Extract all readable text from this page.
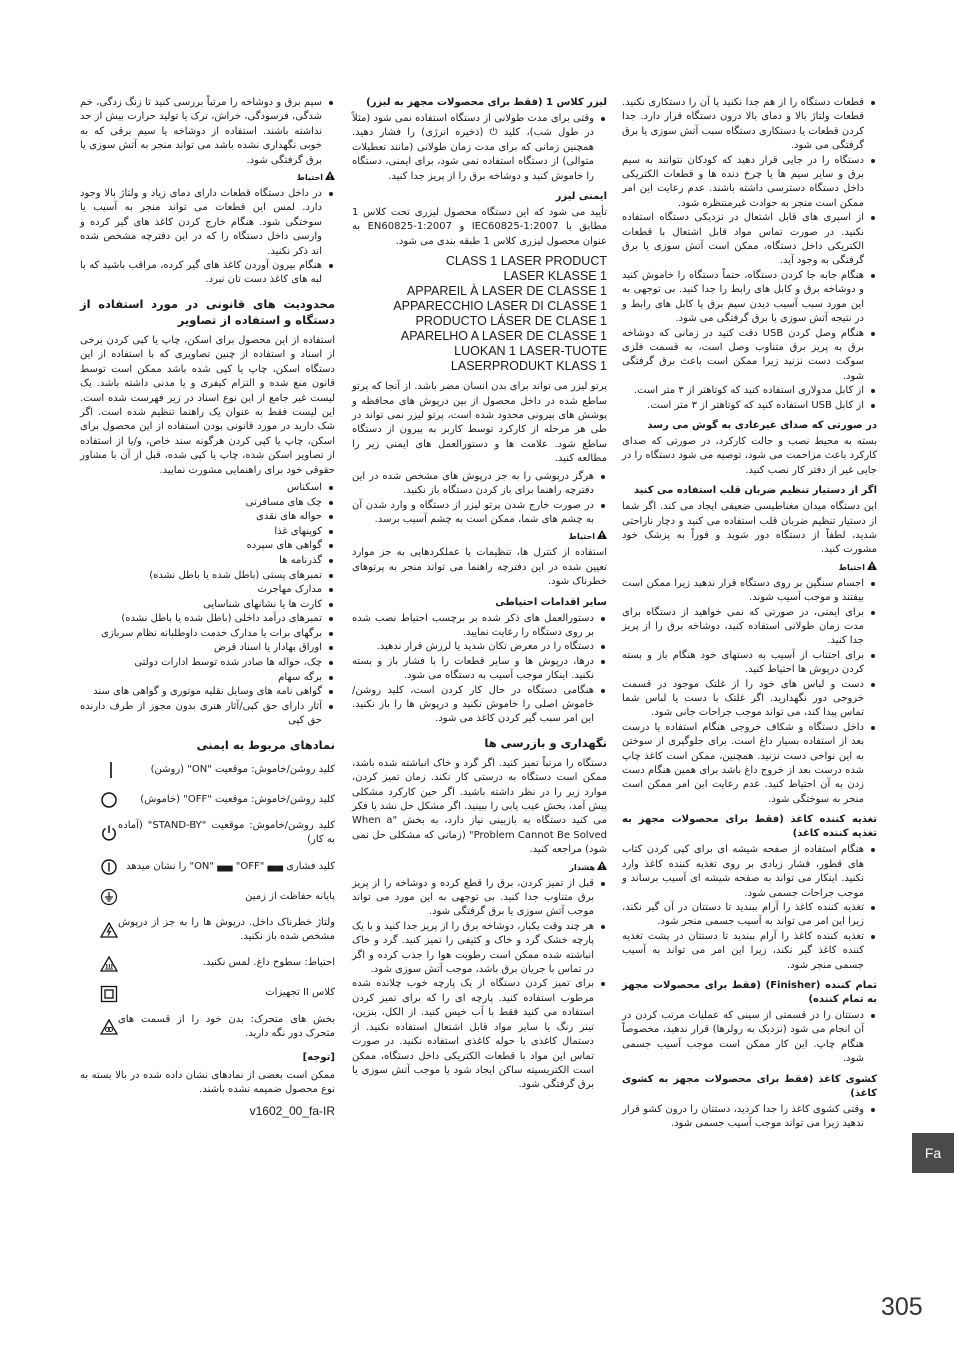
قطعات دستگاه را از هم جدا نکنید یا آن را دستکاری نکنید. قطعات ولتاژ بالا و دمای بالا درون دستگاه قرار دارد. جدا کردن قطعات یا دستکاری دستگاه سبب آتش سوزی یا برق گرفتگی می شود.
دستگاه را در جایی قرار دهید که کودکان نتوانند به سیم برق و سایر سیم ها یا چرخ دنده ها و قطعات الکتریکی داخل دستگاه دسترسی داشته باشند. عدم رعایت این امر ممکن است منجر به حوادث غیرمنتظره شود.
از اسپری های قابل اشتعال در نزدیکی دستگاه استفاده نکنید. در صورت تماس مواد قابل اشتعال با قطعات الکتریکی داخل دستگاه، ممکن است آتش سوزی یا برق گرفتگی به وجود آید.
هنگام جابه جا کردن دستگاه، حتماً دستگاه را خاموش کنید و دوشاخه برق و کابل های رابط را جدا کنید. بی توجهی به این مورد سبب آسیب دیدن سیم برق یا کابل های رابط و در نتیجه آتش سوزی یا برق گرفتگی می شود.
هنگام وصل کردن USB دقت کنید در زمانی که دوشاخه برق به پریز برق متناوب وصل است، به قسمت فلزی سوکت دست نزنید زیرا ممکن است باعث برق گرفتگی شود.
از کابل مدولاری استفاده کنید که کوتاهتر از ۳ متر است.
از کابل USB استفاده کنید که کوتاهتر از ۳ متر است.
در صورتی که صدای غیرعادی به گوش می رسد

بسته به محیط نصب و حالت کارکرد، در صورتی که صدای کارکرد باعث مزاحمت می شود، توصیه می شود دستگاه را در جایی غیر از دفتر کار نصب کنید.

اگر از دستیار تنظیم ضربان قلب استفاده می کنید

این دستگاه میدان مغناطیسی ضعیفی ایجاد می کند. اگر شما از دستیار تنظیم ضربان قلب استفاده می کنید و دچار ناراحتی شدید، لطفاً از دستگاه دور شوید و فوراً به پزشک خود مشورت کنید.

احتیاط
اجسام سنگین بر روی دستگاه قرار ندهید زیرا ممکن است بیفتند و موجب آسیب شوند.
برای ایمنی، در صورتی که نمی خواهید از دستگاه برای مدت زمان طولانی استفاده کنید، دوشاخه برق را از پریز جدا کنید.
برای اجتناب از آسیب به دستهای خود هنگام باز و بسته کردن درپوش ها احتیاط کنید.
دست و لباس های خود را از غلتک موجود در قسمت خروجی دور نگهدارید. اگر غلتک با دست یا لباس شما تماس پیدا کند، می تواند موجب جراحات جانی شود.
داخل دستگاه و شکاف خروجی هنگام استفاده یا درست بعد از استفاده بسیار داغ است. برای جلوگیری از سوختن به این نواحی دست نزنید. همچنین، ممکن است کاغذ چاپ شده درست بعد از خروج داغ باشد برای همین هنگام دست زدن به آن احتیاط کنید. عدم رعایت این امر ممکن است منجر به سوختگی شود.
تغذیه کننده کاغذ (فقط برای محصولات مجهز به تغذیه کننده کاغذ)
هنگام استفاده از صفحه شیشه ای برای کپی کردن کتاب های قطور، فشار زیادی بر روی تغذیه کننده کاغذ وارد نکنید. اینکار می تواند به صفحه شیشه ای آسیب برساند و موجب جراحات جسمی شود.
تغذیه کننده کاغذ را آرام ببندید تا دستتان در آن گیر نکند، زیرا این امر می تواند به آسیب جسمی منجر شود.
تغذیه کننده کاغذ را آرام ببندید تا دستتان در پشت تغذیه کننده کاغذ گیر نکند، زیرا این امر می تواند به آسیب جسمی منجر شود.
تمام کننده (Finisher) (فقط برای محصولات مجهز به تمام کننده)
دستتان را در قسمتی از سینی که عملیات مرتب کردن در آن انجام می شود (نزدیک به رولرها) قرار ندهید، مخصوصاً هنگام چاپ. این کار ممکن است موجب آسیب جسمی شود.
کشوی کاغذ (فقط برای محصولات مجهز به کشوی کاغذ)
وقتی کشوی کاغذ را جدا کردید، دستتان را درون کشو قرار ندهید زیرا می تواند موجب آسیب جسمی شود.
لیزر کلاس 1 (فقط برای محصولات مجهز به لیزر)
وقتی برای مدت طولانی از دستگاه استفاده نمی شود (مثلاً در طول شب)، کلید ⏻ (ذخیره انرژی) را فشار دهید. همچنین زمانی که برای مدت زمان طولانی (مانند تعطیلات متوالی) از دستگاه استفاده نمی شود، برای ایمنی، دستگاه را خاموش کنید و دوشاخه برق را از پریز جدا کنید.
ایمنی لیزر

تأیید می شود که این دستگاه محصول لیزری تحت کلاس 1 مطابق با IEC60825-1:2007 و EN60825-1:2007 به عنوان محصول لیزری کلاس 1 طبقه بندی می شود.

CLASS 1 LASER PRODUCT
LASER KLASSE 1
APPAREIL À LASER DE CLASSE 1
APPARECCHIO LASER DI CLASSE 1
PRODUCTO LÁSER DE CLASE 1
APARELHO A LASER DE CLASSE 1
LUOKAN 1 LASER-TUOTE
LASERPRODUKT KLASS 1

پرتو لیزر می تواند برای بدن انسان مضر باشد. از آنجا که پرتو ساطع شده در داخل محصول از بین درپوش های محافظه و پوشش های بیرونی محدود شده است، پرتو لیزر نمی تواند در طی هر مرحله از کارکرد توسط کاربر به بیرون از دستگاه ساطع شود. علامت ها و دستورالعمل های ایمنی زیر را مطالعه کنید.

هرگز درپوشی را به جز درپوش های مشخص شده در این دفترچه راهنما برای باز کردن دستگاه باز نکنید.
در صورت خارج شدن پرتو لیزر از دستگاه و وارد شدن آن به چشم های شما، ممکن است به چشم آسیب برسد.
احتیاط

استفاده از کنترل ها، تنظیمات یا عملکردهایی به جز موارد تعیین شده در این دفترچه راهنما می تواند منجر به پرتوهای خطرناک شود.

سایر اقدامات احتیاطی
دستورالعمل های ذکر شده بر برچسب احتیاط نصب شده بر روی دستگاه را رعایت نمایید.
دستگاه را در معرض تکان شدید یا لرزش قرار ندهید.
درها، درپوش ها و سایر قطعات را با فشار باز و بسته نکنید. اینکار موجب آسیب به دستگاه می شود.
هنگامی دستگاه در حال کار کردن است، کلید روشن/خاموش اصلی را خاموش نکنید و درپوش ها را باز نکنید. این امر سبب گیر کردن کاغذ می شود.
نگهداری و بازرسی ها

دستگاه را مرتباً تمیز کنید. اگر گرد و خاک انباشته شده باشد، ممکن است دستگاه به درستی کار نکند. زمان تمیز کردن، موارد زیر را در نظر داشته باشید. اگر حین کارکرد مشکلی پیش آمد، بخش عیب یابی را ببینید. اگر مشکل حل نشد یا فکر می کنید دستگاه به بازبینی نیاز دارد، به بخش "When a Problem Cannot Be Solved" (زمانی که مشکلی حل نمی شود) مراجعه کنید.

هشدار
قبل از تمیز کردن، برق را قطع کرده و دوشاخه را از پریز برق متناوب جدا کنید. بی توجهی به این مورد می تواند موجب آتش سوزی یا برق گرفتگی شود.
هر چند وقت یکبار، دوشاخه برق را از پریز جدا کنید و با یک پارچه خشک گرد و خاک و کثیفی را تمیز کنید. گرد و خاک انباشته شده ممکن است رطوبت هوا را جذب کرده و اگر در تماس با جریان برق باشد، موجب آتش سوزی شود.
برای تمیز کردن دستگاه از یک پارچه خوب چلانده شده مرطوب استفاده کنید. پارچه ای را که برای تمیز کردن استفاده می کنید فقط با آب خیس کنید. از الکل، بنزین، تینر رنگ یا سایر مواد قابل اشتعال استفاده نکنید. از دستمال کاغذی یا حوله کاغذی استفاده نکنید. در صورت تماس این مواد با قطعات الکتریکی داخل دستگاه، ممکن است الکتریسیته ساکن ایجاد شود یا موجب آتش سوزی یا برق گرفتگی شود.
سیم برق و دوشاخه را مرتباً بررسی کنید تا زنگ زدگی، خم شدگی، فرسودگی، خراش، ترک یا تولید حرارت بیش از حد نداشته باشند. استفاده از دوشاخه یا سیم برقی که به خوبی نگهداری نشده باشد می تواند منجر به آتش سوزی یا برق گرفتگی شود.
احتیاط
در داخل دستگاه قطعات دارای دمای زیاد و ولتاژ بالا وجود دارد. لمس این قطعات می تواند منجر به آسیب یا سوختگی شود. هنگام خارج کردن کاغذ های گیر کرده و وارسی داخل دستگاه را که در این دفترچه مشخص شده اند ذکر نکنید.
هنگام بیرون آوردن کاغذ های گیر کرده، مراقب باشید که با لبه های کاغذ دست تان نبرد.
محدودیت های قانونی در مورد استفاده از دستگاه و استفاده از تصاویر

استفاده از این محصول برای اسکن، چاپ یا کپی کردن برخی از اسناد و استفاده از چنین تصاویری که با استفاده از این دستگاه اسکن، چاپ یا کپی شده باشد ممکن است توسط قانون منع شده و التزام کیفری و یا مدنی داشته باشد. یک لیست غیر جامع از این نوع اسناد در زیر فهرست شده است. این لیست فقط به عنوان یک راهنما تنظیم شده است. اگر شک دارید در مورد قانونی بودن استفاده از این محصول برای اسکن، چاپ یا کپی کردن هرگونه سند خاص، و/یا از استفاده از تصاویر اسکن شده، چاپ یا کپی شده، قبل از آن با مشاور حقوقی خود برای راهنمایی مشورت نمایید.

اسکناس
چک های مسافرتی
حواله های نقدی
کوپنهای غذا
گواهی های سپرده
گذرنامه ها
تمبرهای پستی (باطل شده یا باطل نشده)
مدارک مهاجرت
کارت ها یا نشانهای شناسایی
تمبرهای درآمد داخلی (باطل شده یا باطل نشده)
برگهای برات یا مدارک خدمت داوطلبانه نظام سربازی
اوراق بهادار یا اسناد قرض
چک، حواله ها صادر شده توسط ادارات دولتی
برگه سهام
گواهی نامه های وسایل نقلیه موتوری و گواهی های سند
آثار دارای حق کپی/آثار هنری بدون مجوز از طرف دارنده حق کپی
نمادهای مربوط به ایمنی
کلید روشن/خاموش: موقعیت "ON" (روشن)
کلید روشن/خاموش: موقعیت "OFF" (خاموش)
کلید روشن/خاموش: موقعیت "STAND-BY" (آماده به کار)
کلید فشاری ▄▄ "ON" ▄▄ "OFF" را نشان میدهد
پایانه حفاظت از زمین
ولتاژ خطرناک داخل. درپوش ها را به جز از درپوش مشخص شده باز نکنید.
احتیاط: سطوح داغ. لمس نکنید.
کلاس II تجهیزات
بخش های متحرک: بدن خود را از قسمت های متحرک دور نگه دارید.

[توجه]

ممکن است بعضی از نمادهای نشان داده شده در بالا بسته به نوع محصول ضمیمه نشده باشند.

v1602_00_fa-IR

Fa
305
